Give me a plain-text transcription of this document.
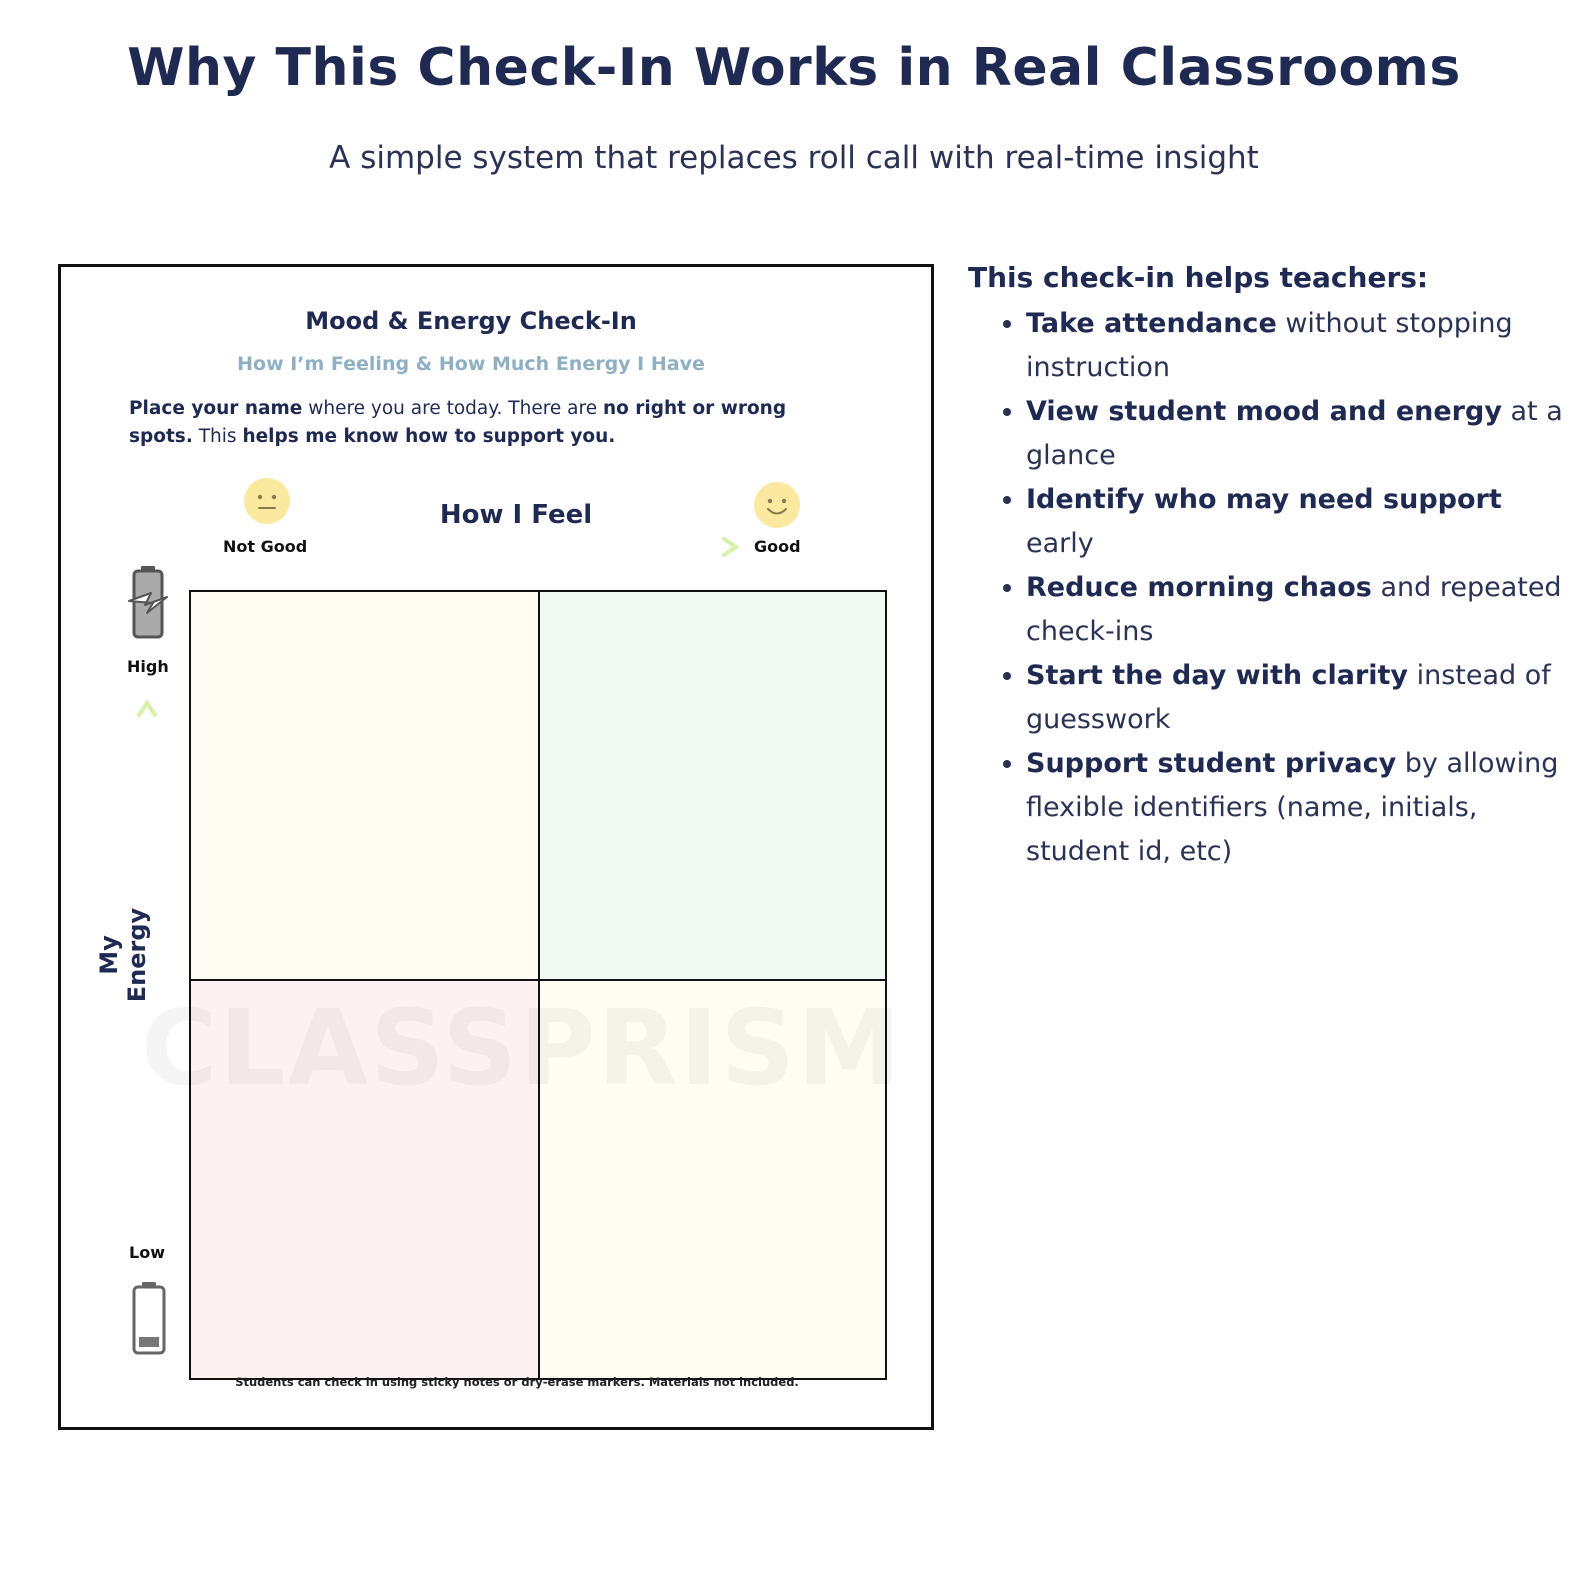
Why This Check-In Works in Real Classrooms
A simple system that replaces roll call with real-time insight
Mood & Energy Check-In
How I’m Feeling & How Much Energy I Have
Place your name where you are today. There are no right or wrong spots. This helps me know how to support you.
How I Feel
Not Good	Good
High
Low
My Energy
Students can check in using sticky notes or dry-erase markers. Materials not included.
This check-in helps teachers:
• Take attendance without stopping instruction
• View student mood and energy at a glance
• Identify who may need support early
• Reduce morning chaos and repeated check-ins
• Start the day with clarity instead of guesswork
• Support student privacy by allowing flexible identifiers (name, initials, student id, etc)
